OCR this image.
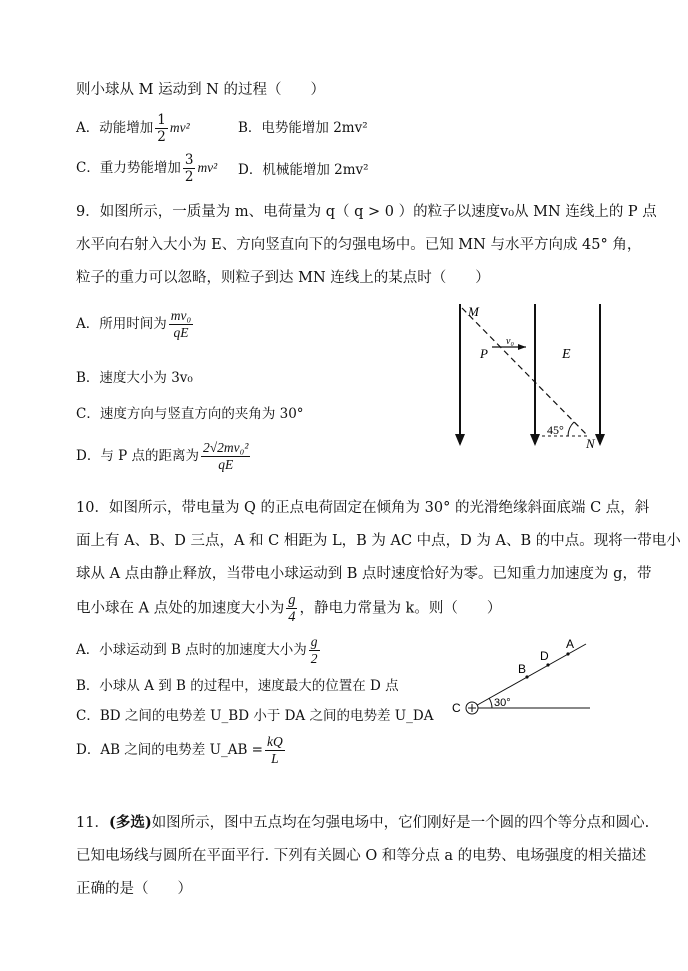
则小球从 M 运动到 N 的过程（　　）
A．动能增加 $\frac{1}{2} mv^2$	B．电势能增加 2mv²
C．重力势能增加 $\frac{3}{2} mv^2$ D．机械能增加 2mv²
9．如图所示，一质量为 m、电荷量为 q（ q > 0 ）的粒子以速度v₀从 MN 连线上的 P 点
水平向右射入大小为 E、方向竖直向下的匀强电场中。已知 MN 与水平方向成 45° 角，
粒子的重力可以忽略，则粒子到达 MN 连线上的某点时（　　）
A．所用时间为 $\frac{\text{mv₀}}{qE}$
B．速度大小为 3v₀
C．速度方向与竖直方向的夹角为 30°
D．与 P 点的距离为 $\frac{\text{2√2mv₀²}}{qE}$
M
P
v₀
E
45°
N
10．如图所示，带电量为 Q 的正点电荷固定在倾角为 30° 的光滑绝缘斜面底端 C 点，斜
面上有 A、B、D 三点，A 和 C 相距为 L，B 为 AC 中点，D 为 A、B 的中点。现将一带电小
球从 A 点由静止释放，当带电小球运动到 B 点时速度恰好为零。已知重力加速度为 g，带
电小球在 A 点处的加速度大小为 $\frac{g}{4}$ ，静电力常量为 k。则（　　）
A．小球运动到 B 点时的加速度大小为 $\frac{g}{2}$
B．小球从 A 到 B 的过程中，速度最大的位置在 D 点
C．BD 之间的电势差 U_BD 小于 DA 之间的电势差 U_DA
D．AB 之间的电势差 U_AB = $\frac{kQ}{L}$
A
D
B
C	30°
11．(多选)如图所示，图中五点均在匀强电场中，它们刚好是一个圆的四个等分点和圆心.
已知电场线与圆所在平面平行. 下列有关圆心 O 和等分点 a 的电势、电场强度的相关描述
正确的是（　　）
